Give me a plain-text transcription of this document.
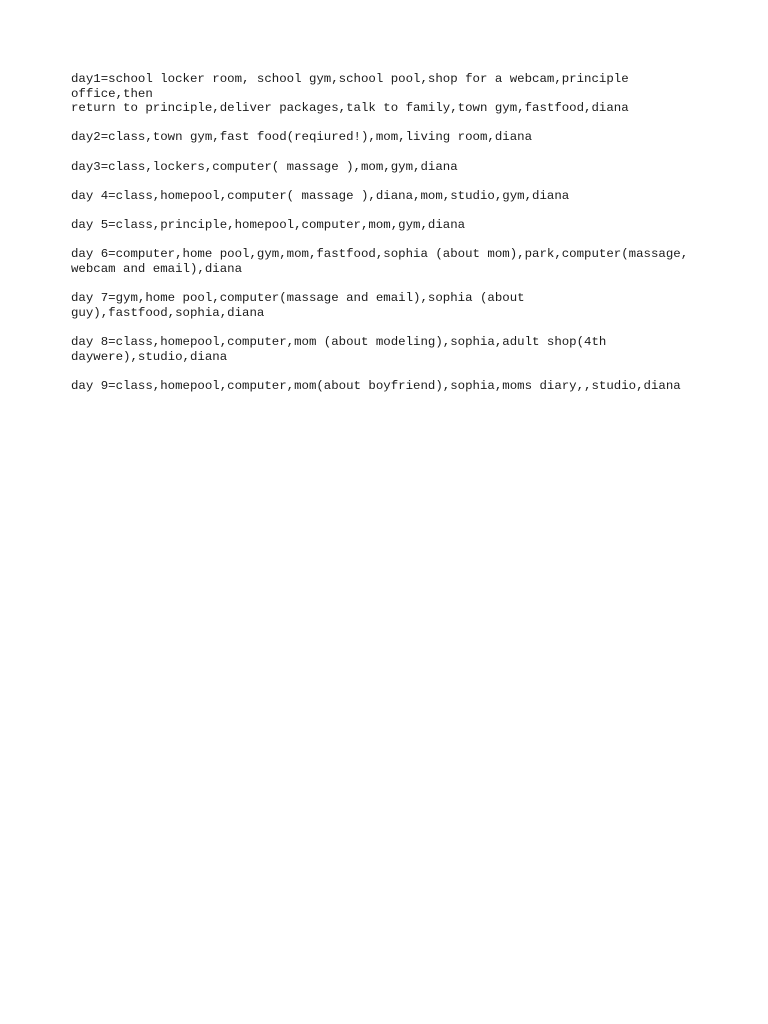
day1=school locker room, school gym,school pool,shop for a webcam,principle
office,then
return to principle,deliver packages,talk to family,town gym,fastfood,diana

day2=class,town gym,fast food(reqiured!),mom,living room,diana

day3=class,lockers,computer( massage ),mom,gym,diana

day 4=class,homepool,computer( massage ),diana,mom,studio,gym,diana

day 5=class,principle,homepool,computer,mom,gym,diana

day 6=computer,home pool,gym,mom,fastfood,sophia (about mom),park,computer(massage,
webcam and email),diana

day 7=gym,home pool,computer(massage and email),sophia (about
guy),fastfood,sophia,diana

day 8=class,homepool,computer,mom (about modeling),sophia,adult shop(4th
daywere),studio,diana

day 9=class,homepool,computer,mom(about boyfriend),sophia,moms diary,,studio,diana
